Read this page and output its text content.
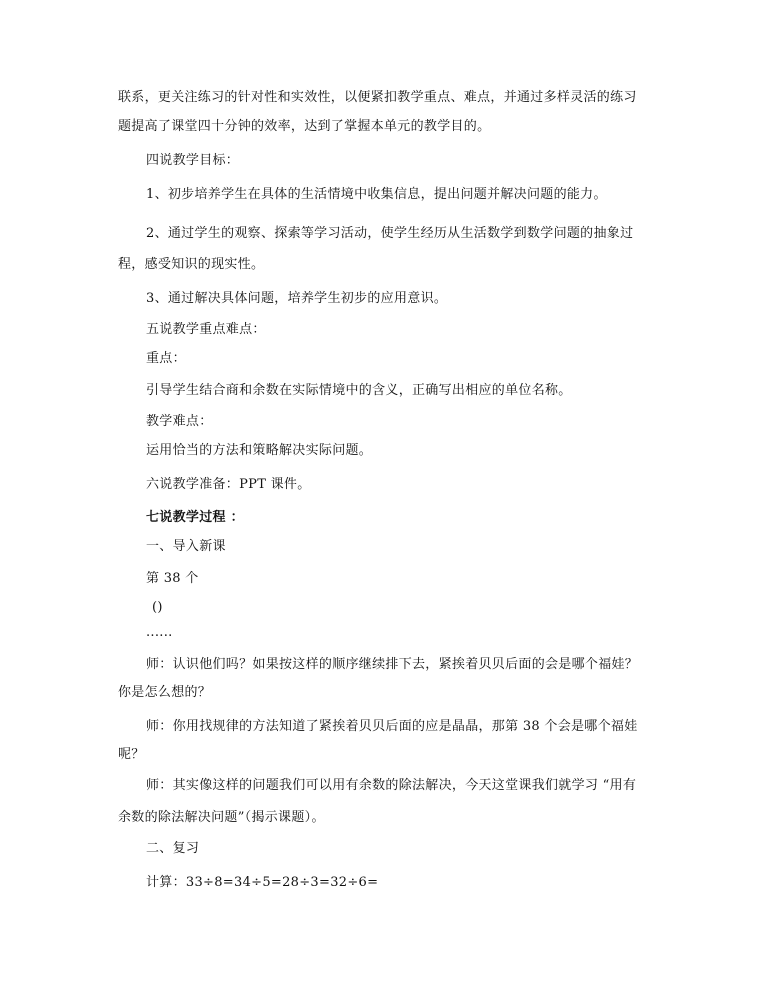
联系，更关注练习的针对性和实效性，以便紧扣教学重点、难点，并通过多样灵活的练习
题提高了课堂四十分钟的效率，达到了掌握本单元的教学目的。
四说教学目标：
1、初步培养学生在具体的生活情境中收集信息，提出问题并解决问题的能力。
2、通过学生的观察、探索等学习活动，使学生经历从生活数学到数学问题的抽象过
程，感受知识的现实性。
3、通过解决具体问题，培养学生初步的应用意识。
五说教学重点难点：
重点：
引导学生结合商和余数在实际情境中的含义，正确写出相应的单位名称。
教学难点：
运用恰当的方法和策略解决实际问题。
六说教学准备：PPT 课件。
七说教学过程 ：
一、导入新课
第 38 个
()
......
师：认识他们吗？如果按这样的顺序继续排下去，紧挨着贝贝后面的会是哪个福娃？
你是怎么想的？
师：你用找规律的方法知道了紧挨着贝贝后面的应是晶晶，那第 38 个会是哪个福娃
呢？
师：其实像这样的问题我们可以用有余数的除法解决，今天这堂课我们就学习 “用有
余数的除法解决问题”（揭示课题）。
二、复习
计算：33÷8=34÷5=28÷3=32÷6=
